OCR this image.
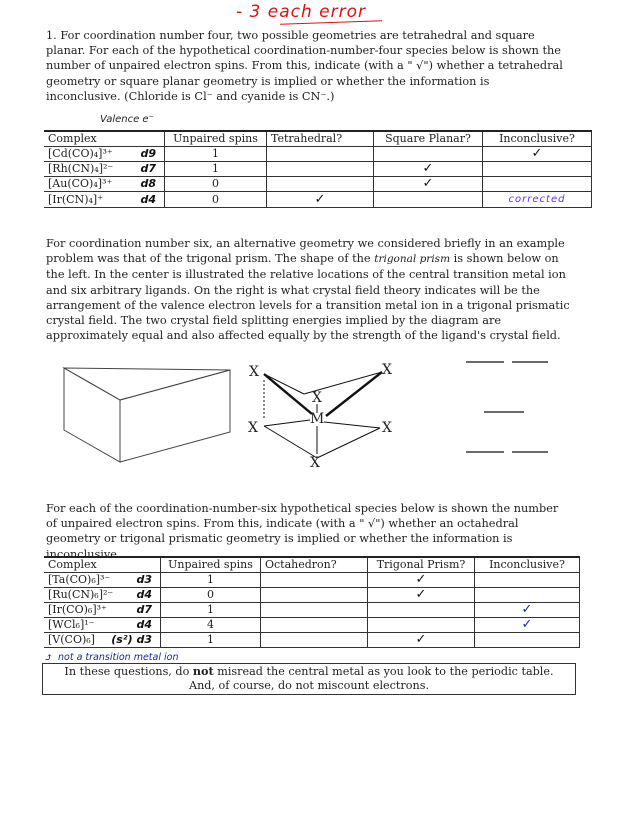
- 3 each error
1. For coordination number four, two possible geometries are tetrahedral and square planar. For each of the hypothetical coordination-number-four species below is shown the number of unpaired electron spins. From this, indicate (with a " √") whether a tetrahedral geometry or square planar geometry is implied or whether the information is inconclusive. (Chloride is Cl⁻ and cyanide is CN⁻.)
Valence e⁻
Complex	Unpaired spins	Tetrahedral?	Square Planar?	Inconclusive?

[Cd(CO)₄]³⁺ d9	1			✓

[Rh(CN)₄]²⁻ d7	1		✓	

[Au(CO)₄]³⁺ d8	0		✓	

[Ir(CN)₄]⁺ d4	0	✓		corrected
For coordination number six, an alternative geometry we considered briefly in an example problem was that of the trigonal prism. The shape of the trigonal prism is shown below on the left. In the center is illustrated the relative locations of the central transition metal ion and six arbitrary ligands. On the right is what crystal field theory indicates will be the arrangement of the valence electron levels for a transition metal ion in a trigonal prismatic crystal field. The two crystal field splitting energies implied by the diagram are approximately equal and also affected equally by the strength of the ligand's crystal field.
X	X
X
M
X	X
X
For each of the coordination-number-six hypothetical species below is shown the number of unpaired electron spins. From this, indicate (with a " √") whether an octahedral geometry or trigonal prismatic geometry is implied or whether the information is inconclusive.
Complex	Unpaired spins	Octahedron?	Trigonal Prism?	Inconclusive?

[Ta(CO)₆]³⁻ d3	1		✓	

[Ru(CN)₆]²⁻ d4	0		✓	

[Ir(CO)₆]³⁺ d7	1			✓

[WCl₆]¹⁻ d4	4			✓

[V(CO)₆] (s²) d3	1		✓	
⤴ not a transition metal ion
In these questions, do not misread the central metal as you look to the periodic table.
And, of course, do not miscount electrons.
